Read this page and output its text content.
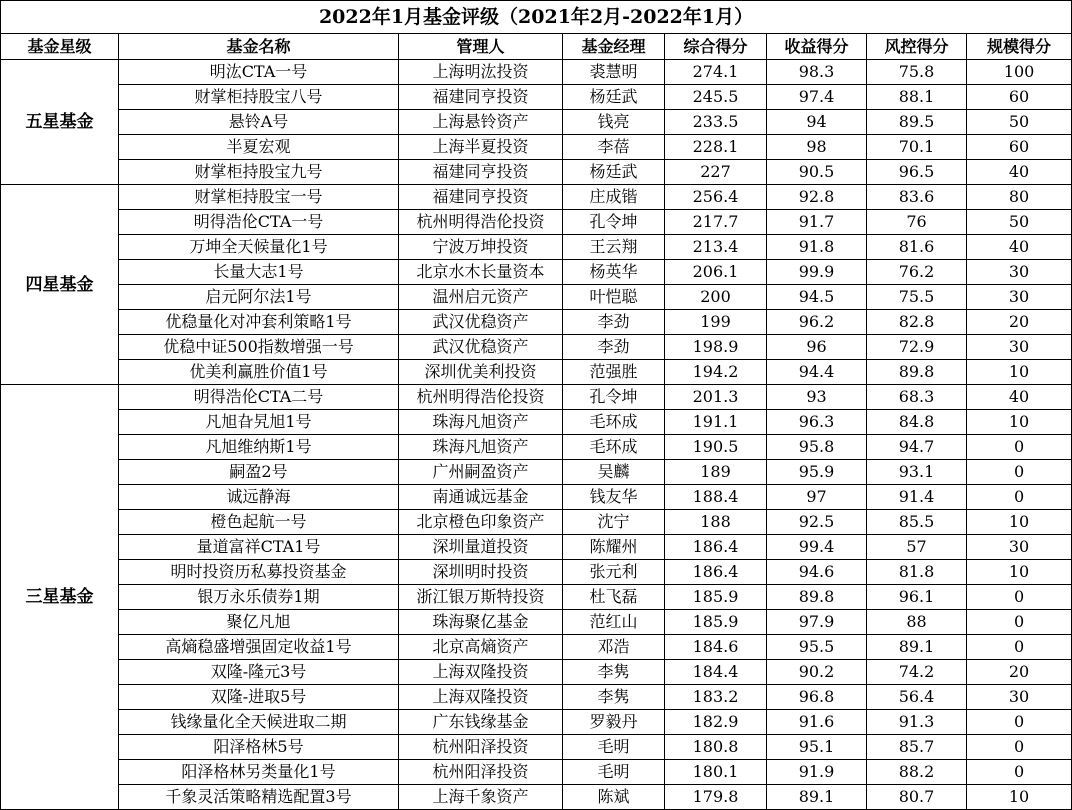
2022年1月基金评级（2021年2月-2022年1月）							
基金星级	基金名称	管理人	基金经理	综合得分	收益得分	风控得分	规模得分
五星基金	明汯CTA一号	上海明汯投资	裘慧明	274.1	98.3	75.8	100
	财掌柜持股宝八号	福建同亨投资	杨廷武	245.5	97.4	88.1	60
	悬铃A号	上海悬铃资产	钱亮	233.5	94	89.5	50
	半夏宏观	上海半夏投资	李蓓	228.1	98	70.1	60
	财掌柜持股宝九号	福建同亨投资	杨廷武	227	90.5	96.5	40
四星基金	财掌柜持股宝一号	福建同亨投资	庄成锴	256.4	92.8	83.6	80
	明得浩伦CTA一号	杭州明得浩伦投资	孔令坤	217.7	91.7	76	50
	万坤全天候量化1号	宁波万坤投资	王云翔	213.4	91.8	81.6	40
	长量大志1号	北京水木长量资本	杨英华	206.1	99.9	76.2	30
	启元阿尔法1号	温州启元资产	叶恺聪	200	94.5	75.5	30
	优稳量化对冲套利策略1号	武汉优稳资产	李劲	199	96.2	82.8	20
	优稳中证500指数增强一号	武汉优稳资产	李劲	198.9	96	72.9	30
	优美利赢胜价值1号	深圳优美利投资	范强胜	194.2	94.4	89.8	10
三星基金	明得浩伦CTA二号	杭州明得浩伦投资	孔令坤	201.3	93	68.3	40
	凡旭旮旯旭1号	珠海凡旭资产	毛环成	191.1	96.3	84.8	10
	凡旭维纳斯1号	珠海凡旭资产	毛环成	190.5	95.8	94.7	0
	嗣盈2号	广州嗣盈资产	吴麟	189	95.9	93.1	0
	诚远静海	南通诚远基金	钱友华	188.4	97	91.4	0
	橙色起航一号	北京橙色印象资产	沈宁	188	92.5	85.5	10
	量道富祥CTA1号	深圳量道投资	陈耀州	186.4	99.4	57	30
	明时投资历私募投资基金	深圳明时投资	张元利	186.4	94.6	81.8	10
	银万永乐债券1期	浙江银万斯特投资	杜飞磊	185.9	89.8	96.1	0
	聚亿凡旭	珠海聚亿基金	范红山	185.9	97.9	88	0
	高熵稳盛增强固定收益1号	北京高熵资产	邓浩	184.6	95.5	89.1	0
	双隆-隆元3号	上海双隆投资	李隽	184.4	90.2	74.2	20
	双隆-进取5号	上海双隆投资	李隽	183.2	96.8	56.4	30
	钱缘量化全天候进取二期	广东钱缘基金	罗毅丹	182.9	91.6	91.3	0
	阳泽格林5号	杭州阳泽投资	毛明	180.8	95.1	85.7	0
	阳泽格林另类量化1号	杭州阳泽投资	毛明	180.1	91.9	88.2	0
	千象灵活策略精选配置3号	上海千象资产	陈斌	179.8	89.1	80.7	10
